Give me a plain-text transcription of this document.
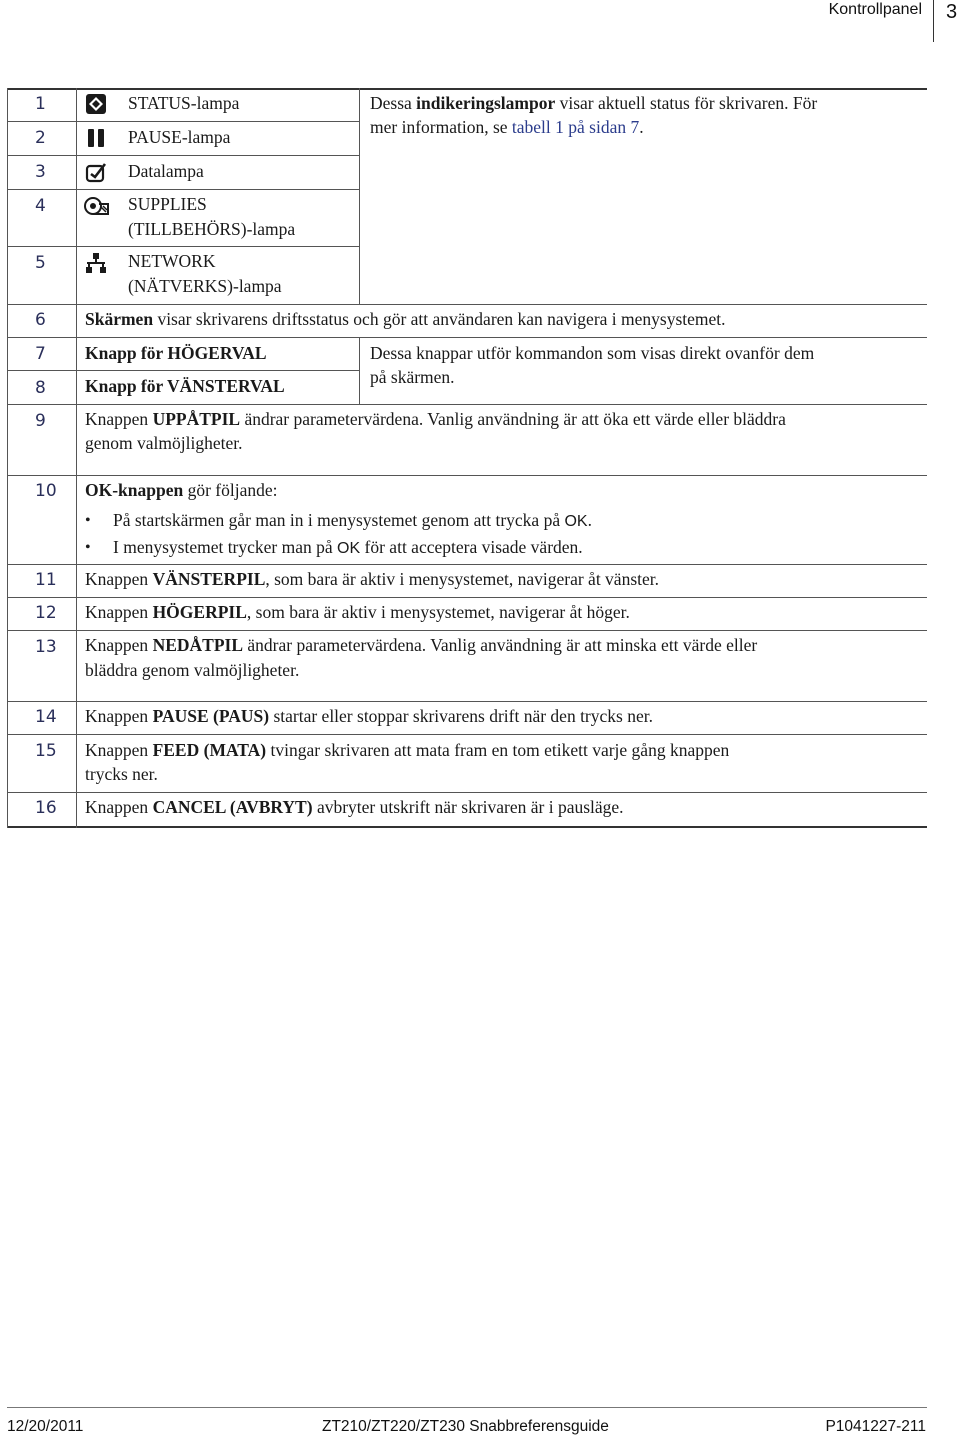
Kontrollpanel 3
1	STATUS-lampa
2	PAUSE-lampa
3	Datalampa
4	SUPPLIES
(TILLBEHÖRS)-lampa
5	NETWORK
(NÄTVERKS)-lampa
Dessa indikeringslampor visar aktuell status för skrivaren. För
mer information, se tabell 1 på sidan 7.
6 Skärmen visar skrivarens driftsstatus och gör att användaren kan navigera i menysystemet.
7 Knapp för HÖGERVAL
8 Knapp för VÄNSTERVAL
Dessa knappar utför kommandon som visas direkt ovanför dem
på skärmen.
9 Knappen UPPÅTPIL ändrar parametervärdena. Vanlig användning är att öka ett värde eller bläddra
genom valmöjligheter.
10 OK-knappen gör följande:
• På startskärmen går man in i menysystemet genom att trycka på OK.
• I menysystemet trycker man på OK för att acceptera visade värden.
11 Knappen VÄNSTERPIL, som bara är aktiv i menysystemet, navigerar åt vänster.
12 Knappen HÖGERPIL, som bara är aktiv i menysystemet, navigerar åt höger.
13 Knappen NEDÅTPIL ändrar parametervärdena. Vanlig användning är att minska ett värde eller
bläddra genom valmöjligheter.
14 Knappen PAUSE (PAUS) startar eller stoppar skrivarens drift när den trycks ner.
15 Knappen FEED (MATA) tvingar skrivaren att mata fram en tom etikett varje gång knappen
trycks ner.
16 Knappen CANCEL (AVBRYT) avbryter utskrift när skrivaren är i pausläge.
12/20/2011	ZT210/ZT220/ZT230 Snabbreferensguide	P1041227-211
